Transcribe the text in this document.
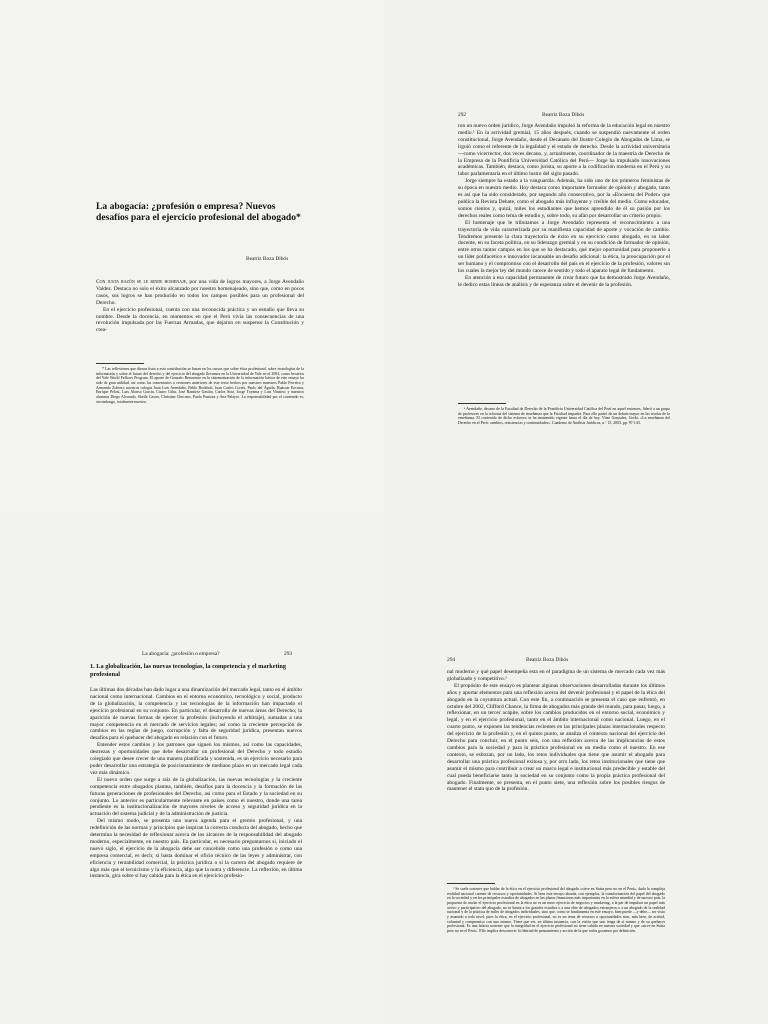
La abogacía: ¿profesión o empresa? Nuevos desafíos para el ejercicio profesional del abogado*

Beatriz Boza Dibós

Con justa razón se le rinde homenaje, por una vida de logros mayores, a Jorge Avendaño Valdez. Destaca no solo el éxito alcanzado por nuestro homenajeado, sino que, como en pocos casos, sus logros se han producido en todos los campos posibles para un profesional del Derecho.

En el ejercicio profesional, cuenta con una reconocida práctica y un estudio que lleva su nombre. Desde la docencia, en momentos en que el Perú vivía las consecuencias de una revolución impulsada por las Fuerzas Armadas, que dejaron en suspenso la Constitución y crea-

* Las reflexiones que dieron fruto a esta contribución se basan en los cursos que sobre ética profesional, sobre tecnologías de la información y sobre el futuro del derecho y del ejercicio del abogado llevamos en la Universidad de Yale en el 2002, como becarios del Yale World Fellows Program. El aporte de Gonzalo Benavente en la sistematización de la información básica de este ensayo ha sido de gran utilidad, así como los comentarios a versiones anteriores de este texto hechos por nuestros maestros Pablo Ferreiro y Armando Zolezzi; nuestros colegas Juan Luis Avendaño, Pablo Beckholt, Juan Carlos Cortés, Paolo del Águila, Huáscar Ezcurra, Enrique Pelosi, Luis Alonso García, Castro Gibu, José Ramírez Gastón, Carlos Soto, Jorge Toyama y Luis Vinatea; y nuestros alumnos Diego Alvarado, Sheila Castro, Christian Chocano, Paolo Punizza y Ana Palayro. La responsabilidad por el contenido es, sin embargo, totalmente nuestra.

292	Beatriz Boza Dibós

ron un nuevo orden jurídico, Jorge Avendaño impulsó la reforma de la educación legal en nuestro medio.¹ En la actividad gremial, 15 años después, cuando se suspendió nuevamente el orden constitucional, Jorge Avendaño, desde el Decanato del Ilustre Colegio de Abogados de Lima, se irguió como el referente de la legalidad y el estado de derecho. Desde la actividad universitaria —como vicerrector, dos veces decano, y, actualmente, coordinador de la maestría de Derecho de la Empresa de la Pontificia Universidad Católica del Perú— Jorge ha impulsado innovaciones académicas. También, destaca, como jurista, su aporte a la codificación moderna en el Perú y su labor parlamentaria en el último lustro del siglo pasado.

Jorge siempre ha estado a la vanguardia. Además, ha sido uno de los primeros feministas de su época en nuestro medio. Hoy destaca como importante formador de opinión y abogado, tanto es así que ha sido considerado, por segundo año consecutivo, por la «Encuesta del Poder» que publica la Revista Debate, como el abogado más influyente y creíble del medio. Como educador, somos cientos y, quizá, miles los estudiantes que hemos aprendido de él su pasión por los derechos reales como tema de estudio y, sobre todo, su afán por desarrollar un criterio propio.

El homenaje que le tributamos a Jorge Avendaño representa el reconocimiento a una trayectoria de vida caracterizada por su manifiesta capacidad de aporte y vocación de cambio. Tendremos presente la clara trayectoria de éxito en su ejercicio como abogado, en su labor docente, en su faceta política, en su liderazgo gremial y en su condición de formador de opinión, entre otros tantos campos en los que se ha destacado, qué mejor oportunidad para proponerle a un líder polifacético e innovador incansable un desafío adicional: la ética, la preocupación por el ser humano y el compromiso con el desarrollo del país en el ejercicio de la profesión, valores sin los cuales la mejor ley del mundo carece de sentido y todo el aparato legal de fundamento.

En atención a esa capacidad permanente de crear futuro que ha demostrado Jorge Avendaño, le dedico estas líneas de análisis y de esperanza sobre el devenir de la profesión.

¹ Avendaño, decano de la Facultad de Derecho de la Pontificia Universidad Católica del Perú en aquel entonces, lideró a un grupo de profesores en la reforma del sistema de enseñanza que la Facultad impartía. Para ello partió de un debate mayor en las teorías de la enseñanza. El contenido de dicho esfuerzo se ha mantenido vigente hasta el día de hoy. Vitae Gonzalez, Gorki. «La enseñanza del Derecho en el Perú: cambios, resistencias y continuidades». Cuaderno de Análisis Jurídicos, n.º 15, 2003, pp. 97-143.

La abogacía: ¿profesión o empresa?	293

1. La globalización, las nuevas tecnologías, la competencia y el marketing profesional

Las últimas dos décadas han dado lugar a una dinamización del mercado legal, tanto en el ámbito nacional como internacional. Cambios en el entorno económico, tecnológico y social, producto de la globalización, la competencia y las tecnologías de la información han impactado el ejercicio profesional en su conjunto. En particular, el desarrollo de nuevas áreas del Derecho; la aparición de nuevas formas de ejercer la profesión (incluyendo el arbitraje), sumadas a una mayor competencia en el mercado de servicios legales; así como la creciente percepción de cambios en las reglas de juego, corrupción y falta de seguridad jurídica, presentan nuevos desafíos para el quehacer del abogado en relación con el futuro.

Entender estos cambios y los patrones que siguen los mismos, así como las capacidades, destrezas y oportunidades que debe desarrollar un profesional del Derecho y todo estudio colegiado que desee crecer de una manera planificada y sostenida, es un ejercicio necesario para poder desarrollar una estrategia de posicionamiento de mediano plazo en un mercado legal cada vez más dinámico.

El nuevo orden que surge a raíz de la globalización, las nuevas tecnologías y la creciente competencia entre abogados plantea, también, desafíos para la docencia y la formación de las futuras generaciones de profesionales del Derecho, así como para el Estado y la sociedad en su conjunto. Lo anterior es particularmente relevante en países como el nuestro, donde una tarea pendiente es la institucionalización de mayores niveles de acceso y seguridad jurídica en la actuación del sistema judicial y de la administración de justicia.

Del mismo modo, se presenta una nueva agenda para el gremio profesional, y una redefinición de las normas y principios que inspiran la correcta conducta del abogado, hecho que determina la necesidad de reflexionar acerca de los alcances de la responsabilidad del abogado moderno, especialmente, en nuestro país. En particular, es necesario preguntarnos si, iniciado el nuevo siglo, el ejercicio de la abogacía debe ser concebido como una profesión o como una empresa comercial, es decir, si basta dominar el oficio técnico de las leyes y administrar, con eficiencia y rentabilidad comercial, la práctica jurídica o si la carrera del abogado requiere de algo más que el tecnicismo y la eficiencia, algo que la nutra y diferencie. La reflexión, en última instancia, gira sobre si hay cabida para la ética en el ejercicio profesio-

294	Beatriz Boza Dibós

nal moderno y qué papel desempeña esta en el paradigma de un sistema de mercado cada vez más globalizado y competitivo.²

El propósito de este ensayo es plantear algunas observaciones desarrolladas durante los últimos años y aportar elementos para una reflexión acerca del devenir profesional y el papel de la ética del abogado en la coyuntura actual. Con este fin, a continuación se presenta el caso que enfrentó, en octubre del 2002, Clifford Chance, la firma de abogados más grande del mundo, para pasar, luego, a reflexionar, en un tercer acápite, sobre los cambios producidos en el entorno social, económico y legal, y en el ejercicio profesional, tanto en el ámbito internacional como nacional. Luego, en el cuarto punto, se exponen las tendencias recientes en las principales plazas internacionales respecto del ejercicio de la profesión y, en el quinto punto, se analiza el contexto nacional del ejercicio del Derecho para concluir, en el punto seis, con una reflexión acerca de las implicancias de estos cambios para la sociedad y para la práctica profesional en un medio como el nuestro. En ese contexto, se esbozan, por un lado, los retos individuales que tiene que asumir el abogado para desarrollar una práctica profesional exitosa y, por otro lado, los retos institucionales que tiene que asumir el mismo para contribuir a crear un marco legal e institucional más predecible y estable del cual pueda beneficiarse tanto la sociedad en su conjunto como la propia práctica profesional del abogado. Finalmente, se presenta, en el punto siete, una reflexión sobre los posibles riesgos de mantener el statu quo de la profesión.

² Se suele sostener que hablar de la ética en el ejercicio profesional del abogado «sirve en Suiza pero no en el Perú», dada la compleja realidad nacional carente de recursos y oportunidades. Si bien este ensayo aborda, con ejemplos, la transformación del papel del abogado en la sociedad y en los principales estudios de abogados en las plazas financieras más importantes en la esfera mundial y de nuestro país, la propuesta de anclar el ejercicio profesional en la ética no es un mero ejercicio de negocios y marketing, a la par de impulsar un papel más activo y participativo del abogado, no se limita a los grandes estudios o a una elite de abogados extranjeros o a un abogado de la realidad nacional y de la práctica de miles de abogados individuales, sino que, como se fundamenta en este ensayo, bien puede —y debe— ser visto y asumido a todo nivel, pues la ética, en el ejercicio profesional, no es un tema de recursos u oportunidades sino, más bien, de actitud, voluntad y compromiso con uno mismo. Tiene que ver, en última instancia, con la visión que uno tenga de sí mismo y de su quehacer profesional. Es una falacia sostener que la integridad en el ejercicio profesional no tiene cabida en nuestra sociedad y que «sirve en Suiza pero no en el Perú». Ello implica desconocer la libertad de pensamiento y acción de la que todos gozamos por definición.
